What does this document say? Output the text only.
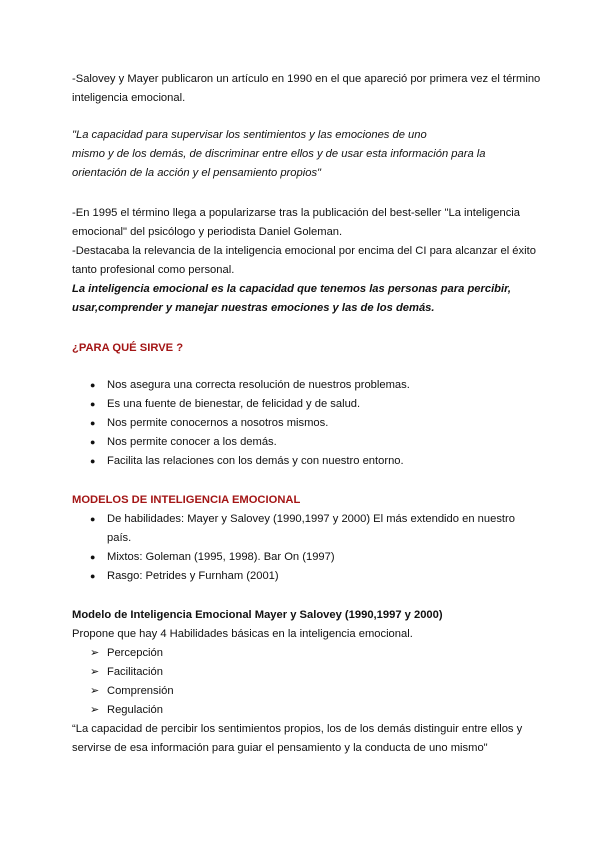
-Salovey y Mayer publicaron un artículo en 1990 en el que apareció por primera vez el término inteligencia emocional.

"La capacidad para supervisar los sentimientos y las emociones de uno
mismo y de los demás, de discriminar entre ellos y de usar esta información para la
orientación de la acción y el pensamiento propios"

-En 1995 el término llega a popularizarse tras la publicación del best-seller "La inteligencia emocional" del psicólogo y periodista Daniel Goleman.

-Destacaba la relevancia de la inteligencia emocional por encima del CI para alcanzar el éxito tanto profesional como personal.

La inteligencia emocional es la capacidad que tenemos las personas para percibir, usar,comprender y manejar nuestras emociones y las de los demás.

¿PARA QUÉ SIRVE ?

● Nos asegura una correcta resolución de nuestros problemas.
● Es una fuente de bienestar, de felicidad y de salud.
● Nos permite conocernos a nosotros mismos.
● Nos permite conocer a los demás.
● Facilita las relaciones con los demás y con nuestro entorno.

MODELOS DE INTELIGENCIA EMOCIONAL

● De habilidades: Mayer y Salovey (1990,1997 y 2000) El más extendido en nuestro país.
● Mixtos: Goleman (1995, 1998). Bar On (1997)
● Rasgo: Petrides y Furnham (2001)

Modelo de Inteligencia Emocional Mayer y Salovey (1990,1997 y 2000)

Propone que hay 4 Habilidades básicas en la inteligencia emocional.

➢ Percepción
➢ Facilitación
➢ Comprensión
➢ Regulación

“La capacidad de percibir los sentimientos propios, los de los demás distinguir entre ellos y servirse de esa información para guiar el pensamiento y la conducta de uno mismo"
